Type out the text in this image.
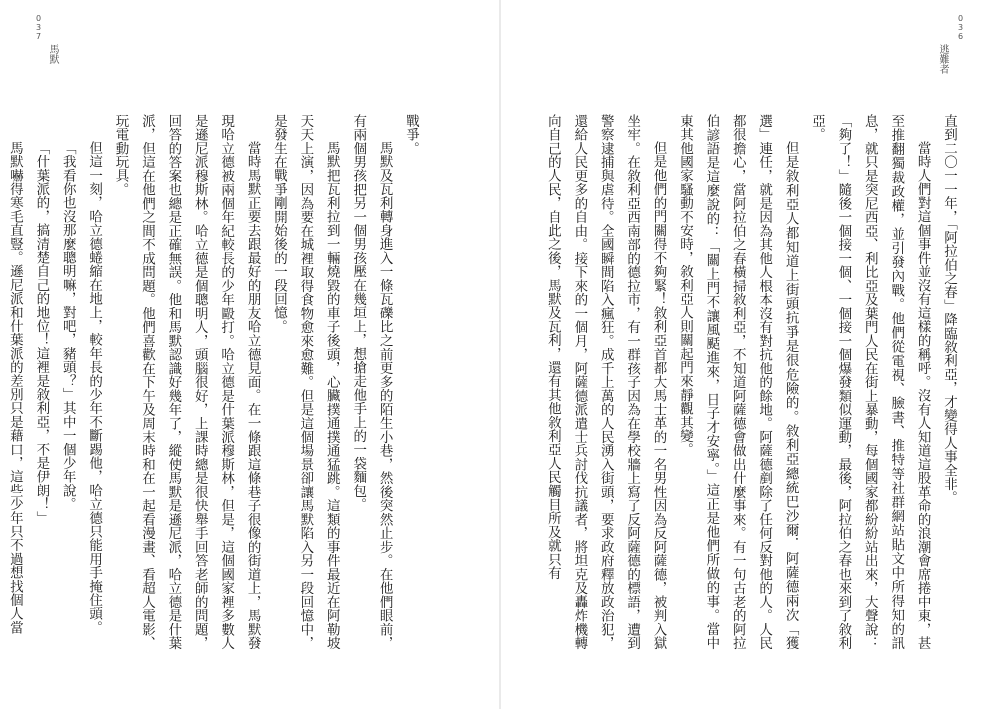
037
馬默

戰爭。

馬默及瓦利轉身進入一條瓦礫比之前更多的陌生小巷，然後突然止步。在他們眼前，有兩個男孩把另一個男孩壓在幾垣上，想搶走他手上的一袋麵包。

馬默把瓦利拉到一輛燒毀的車子後頭，心臟撲通撲通猛跳。這類的事件最近在阿勒坡天天上演，因為要在城裡取得食物愈來愈難。但是這個場景卻讓馬默陷入另一段回憶中，是發生在戰爭剛開始後的一段回憶。

當時馬默正要去跟最好的朋友哈立德見面。在一條跟這條巷子很像的街道上，馬默發現哈立德被兩個年紀較長的少年毆打。哈立德是什葉派穆斯林，但是，這個國家裡多數人是遜尼派穆斯林。哈立德是個聰明人，頭腦很好，上課時總是很快舉手回答老師的問題，回答的答案也總是正確無誤。他和馬默認識好幾年了，縱使馬默是遜尼派，哈立德是什葉派，但這在他們之間不成問題。他們喜歡在下午及周末時和在一起看漫畫、看超人電影、玩電動玩具。

但這一刻，哈立德蜷縮在地上，較年長的少年不斷踢他，哈立德只能用手掩住頭。

「我看你也沒那麼聰明嘛，對吧，豬頭？」其中一個少年說。

「什葉派的，搞清楚自己的地位！這裡是敘利亞，不是伊朗！」

馬默嚇得寒毛直豎。遜尼派和什葉派的差別只是藉口，這些少年只不過想找個人當

036
逃難者

直到二〇一一年，「阿拉伯之春」降臨敘利亞，才變得人事全非。

當時人們對這個事件並沒有這樣的稱呼。沒有人知道這股革命的浪潮會席捲中東，甚至推翻獨裁政權，並引發內戰。他們從電視、臉書、推特等社群網站貼文中所得知的訊息，就只是突尼西亞、利比亞及葉門人民在街上暴動，每個國家都紛紛站出來，大聲說：「夠了！」隨後一個接一個、一個接一個爆發類似運動，最後，阿拉伯之春也來到了敘利亞。

但是敘利亞人都知道上街頭抗爭是很危險的。敘利亞總統巴沙爾．阿薩德兩次「獲選」連任，就是因為其他人根本沒有對抗他的餘地。阿薩德剷除了任何反對他的人。人民都很擔心，當阿拉伯之春橫掃敘利亞，不知道阿薩德會做出什麼事來。有一句古老的阿拉伯諺語是這麼說的：「關上門不讓風颳進來，日子才安寧。」這正是他們所做的事。當中東其他國家騷動不安時，敘利亞人則關起門來靜觀其變。

但是他們的門關得不夠緊！敘利亞首都大馬士革的一名男性因為反阿薩德，被判入獄坐牢。在敘利亞西南部的德拉市，有一群孩子因為在學校牆上寫了反阿薩德的標語，遭到警察逮捕與虐待。全國瞬間陷入瘋狂。成千上萬的人民湧入街頭，要求政府釋放政治犯，還給人民更多的自由。接下來的一個月，阿薩德派遣士兵討伐抗議者，將坦克及轟炸機轉向自己的人民，自此之後，馬默及瓦利，還有其他敘利亞人民觸目所及就只有
